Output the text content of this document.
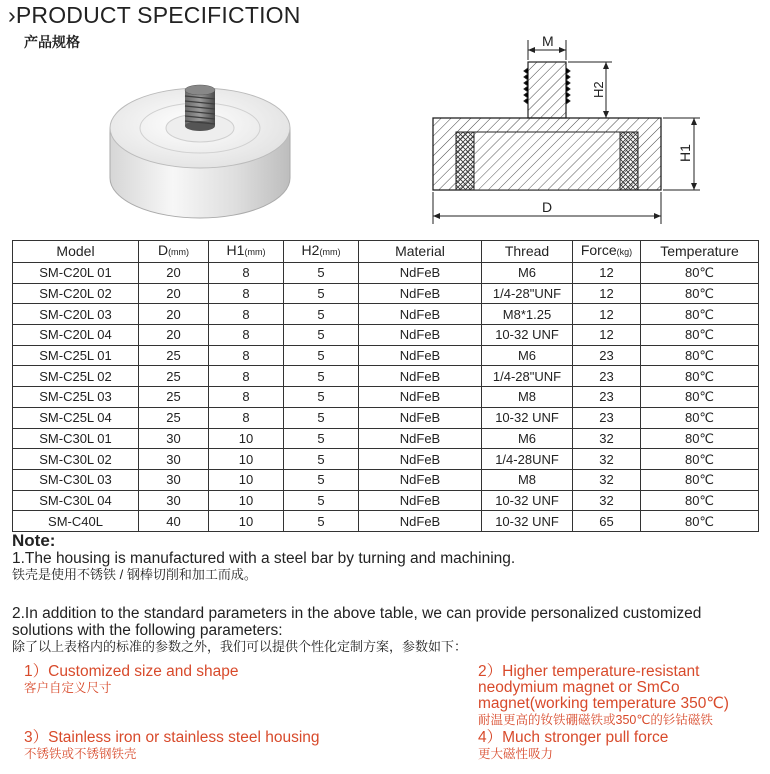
›PRODUCT SPECIFICTION
产品规格	M
H2
H1
D
Model	D(mm)	H1(mm)	H2(mm)	Material	Thread	Force(kg)	Temperature
SM-C20L 01	20	8	5	NdFeB	M6	12	80℃
SM-C20L 02	20	8	5	NdFeB	1/4-28"UNF	12	80℃
SM-C20L 03	20	8	5	NdFeB	M8*1.25	12	80℃
SM-C20L 04	20	8	5	NdFeB	10-32 UNF	12	80℃
SM-C25L 01	25	8	5	NdFeB	M6	23	80℃
SM-C25L 02	25	8	5	NdFeB	1/4-28"UNF	23	80℃
SM-C25L 03	25	8	5	NdFeB	M8	23	80℃
SM-C25L 04	25	8	5	NdFeB	10-32 UNF	23	80℃
SM-C30L 01	30	10	5	NdFeB	M6	32	80℃
SM-C30L 02	30	10	5	NdFeB	1/4-28UNF	32	80℃
SM-C30L 03	30	10	5	NdFeB	M8	32	80℃
SM-C30L 04	30	10	5	NdFeB	10-32 UNF	32	80℃
SM-C40L	40	10	5	NdFeB	10-32 UNF	65	80℃
Note:
1.The housing is manufactured with a steel bar by turning and machining.
铁壳是使用不锈铁 / 钢棒切削和加工而成。
2.In addition to the standard parameters in the above table, we can provide personalized customized
solutions with the following parameters:
除了以上表格内的标准的参数之外，我们可以提供个性化定制方案，参数如下：
1）Customized size and shape
客户自定义尺寸
2）Higher temperature-resistant neodymium magnet or SmCo magnet(working temperature 350℃)
耐温更高的钕铁硼磁铁或350℃的钐钴磁铁
3）Stainless iron or stainless steel housing
不锈铁或不锈钢铁壳
4）Much stronger pull force
更大磁性吸力
